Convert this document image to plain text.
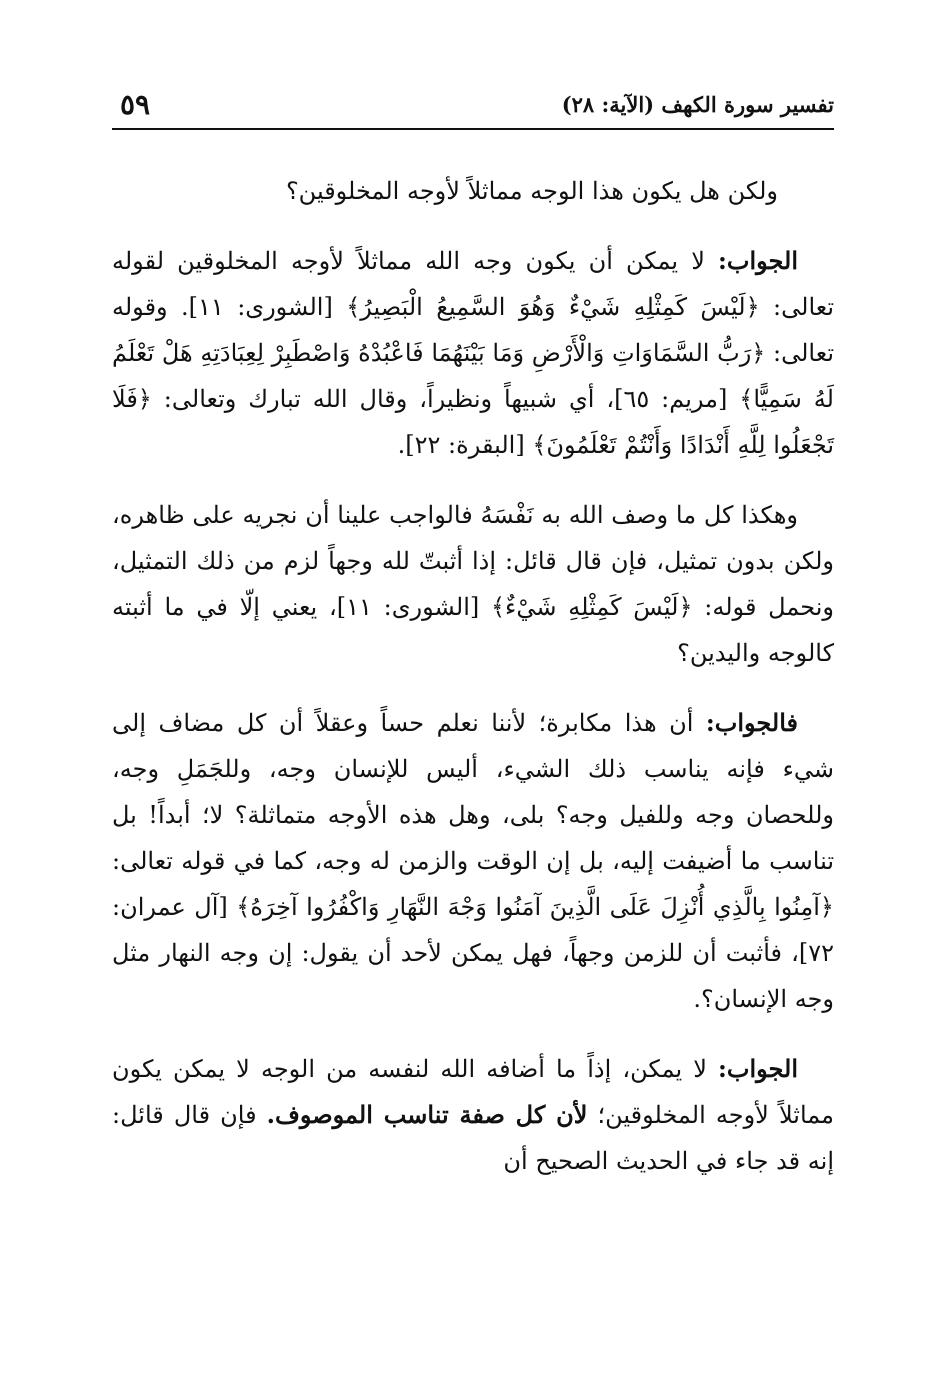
تفسير سورة الكهف (الآية: ٢٨)
٥٩

ولكن هل يكون هذا الوجه مماثلاً لأوجه المخلوقين؟

الجواب: لا يمكن أن يكون وجه الله مماثلاً لأوجه المخلوقين لقوله تعالى: ﴿لَيْسَ كَمِثْلِهِ شَيْءٌ وَهُوَ السَّمِيعُ الْبَصِيرُ﴾ [الشورى: ١١]. وقوله تعالى: ﴿رَبُّ السَّمَاوَاتِ وَالْأَرْضِ وَمَا بَيْنَهُمَا فَاعْبُدْهُ وَاصْطَبِرْ لِعِبَادَتِهِ هَلْ تَعْلَمُ لَهُ سَمِيًّا﴾ [مريم: ٦٥]، أي شبيهاً ونظيراً، وقال الله تبارك وتعالى: ﴿فَلَا تَجْعَلُوا لِلَّهِ أَنْدَادًا وَأَنْتُمْ تَعْلَمُونَ﴾ [البقرة: ٢٢].

وهكذا كل ما وصف الله به نَفْسَهُ فالواجب علينا أن نجريه على ظاهره، ولكن بدون تمثيل، فإن قال قائل: إذا أثبتّ لله وجهاً لزم من ذلك التمثيل، ونحمل قوله: ﴿لَيْسَ كَمِثْلِهِ شَيْءٌ﴾ [الشورى: ١١]، يعني إلّا في ما أثبته كالوجه واليدين؟

فالجواب: أن هذا مكابرة؛ لأننا نعلم حساً وعقلاً أن كل مضاف إلى شيء فإنه يناسب ذلك الشيء، أليس للإنسان وجه، وللجَمَلِ وجه، وللحصان وجه وللفيل وجه؟ بلى، وهل هذه الأوجه متماثلة؟ لا؛ أبداً! بل تناسب ما أضيفت إليه، بل إن الوقت والزمن له وجه، كما في قوله تعالى: ﴿آمِنُوا بِالَّذِي أُنْزِلَ عَلَى الَّذِينَ آمَنُوا وَجْهَ النَّهَارِ وَاكْفُرُوا آخِرَهُ﴾ [آل عمران: ٧٢]، فأثبت أن للزمن وجهاً، فهل يمكن لأحد أن يقول: إن وجه النهار مثل وجه الإنسان؟.

الجواب: لا يمكن، إذاً ما أضافه الله لنفسه من الوجه لا يمكن يكون مماثلاً لأوجه المخلوقين؛ لأن كل صفة تناسب الموصوف. فإن قال قائل: إنه قد جاء في الحديث الصحيح أن
